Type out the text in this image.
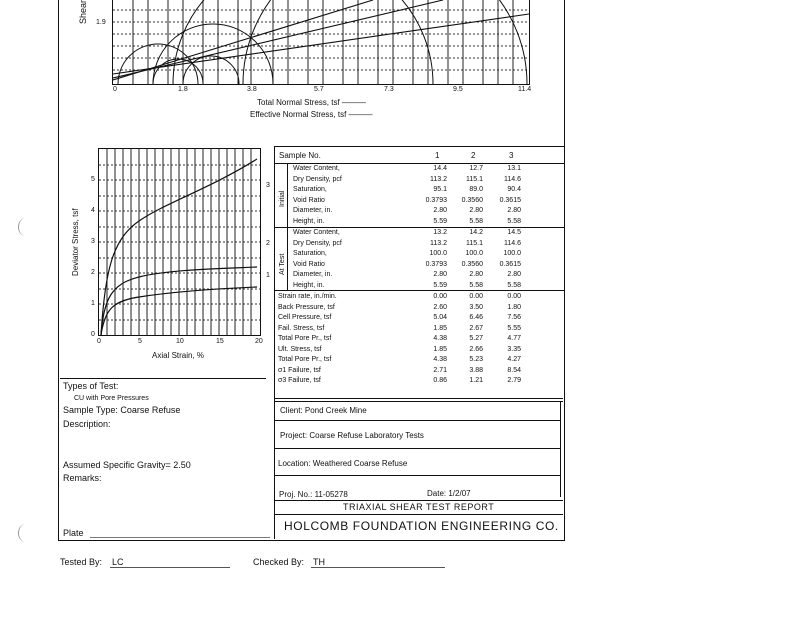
Shear 1.9
0	1.8	3.8	5.7	7.3	9.5	11.4
Total Normal Stress, tsf ———
Effective Normal Stress, tsf ———
Deviator Stress, tsf
5
4
3
2
1
0
0	5	10	15	20
Axial Strain, %
3
2
1
Sample No.	1	2	3
Initial
At Test
Water Content,	14.4	12.7	13.1
Dry Density, pcf	113.2	115.1	114.6
Saturation,	95.1	89.0	90.4
Void Ratio	0.3793	0.3560	0.3615
Diameter, in.	2.80	2.80	2.80
Height, in.	5.59	5.58	5.58
Water Content,	13.2	14.2	14.5
Dry Density, pcf	113.2	115.1	114.6
Saturation,	100.0	100.0	100.0
Void Ratio	0.3793	0.3560	0.3615
Diameter, in.	2.80	2.80	2.80
Height, in.	5.59	5.58	5.58
Strain rate, in./min.	0.00	0.00	0.00
Back Pressure, tsf	2.60	3.50	1.80
Cell Pressure, tsf	5.04	6.46	7.56
Fail. Stress, tsf	1.85	2.67	5.55
Total Pore Pr., tsf	4.38	5.27	4.77
Ult. Stress, tsf	1.85	2.66	3.35
Total Pore Pr., tsf	4.38	5.23	4.27
σ1 Failure, tsf	2.71	3.88	8.54
σ3 Failure, tsf	0.86	1.21	2.79
Types of Test:
CU with Pore Pressures
Sample Type: Coarse Refuse
Description:
Assumed Specific Gravity= 2.50
Remarks:
Plate
Client: Pond Creek Mine
Project: Coarse Refuse Laboratory Tests
Location: Weathered Coarse Refuse
Proj. No.: 11-05278	Date: 1/2/07
TRIAXIAL SHEAR TEST REPORT
HOLCOMB FOUNDATION ENGINEERING CO.
Tested By: LC	Checked By: TH
